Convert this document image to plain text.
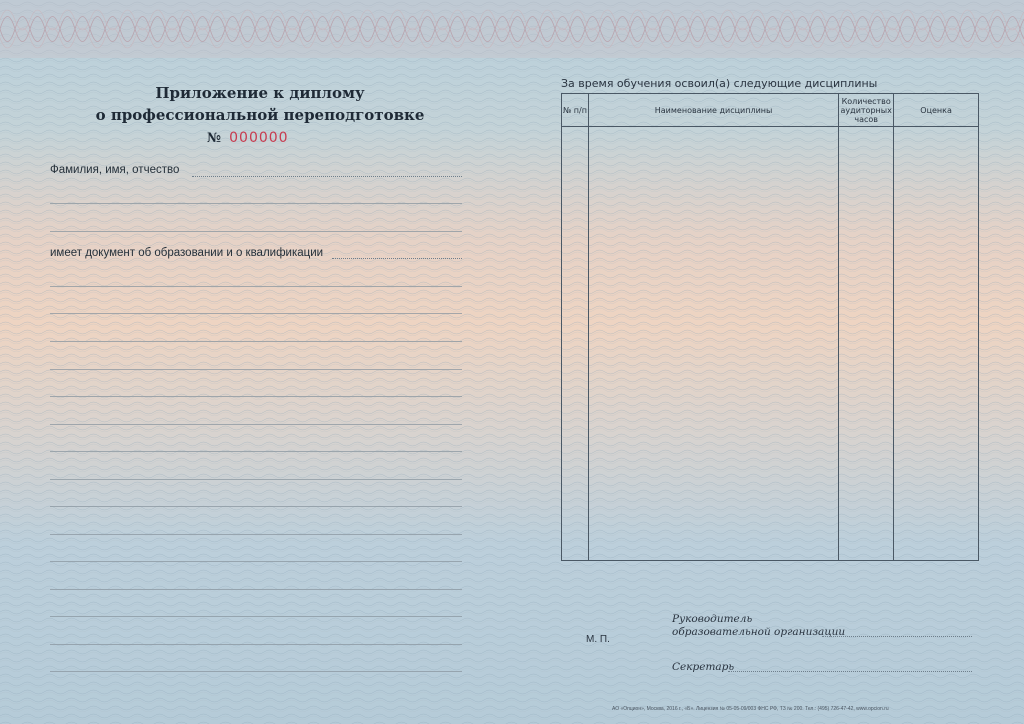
Приложение к диплому
о профессиональной переподготовке
№ 000000
Фамилия, имя, отчество
имеет документ об образовании и о квалификации
За время обучения освоил(а) следующие дисциплины
№ п/п	Наименование дисциплины	Количество аудиторных часов	Оценка

Руководитель
образовательной организации
М. П.
Секретарь
АО «Опцион», Москва, 2016 г., «Б». Лицензия № 05-05-09/003 ФНС РФ, ТЗ № 200. Тел.: (495) 726-47-42, www.opcion.ru
